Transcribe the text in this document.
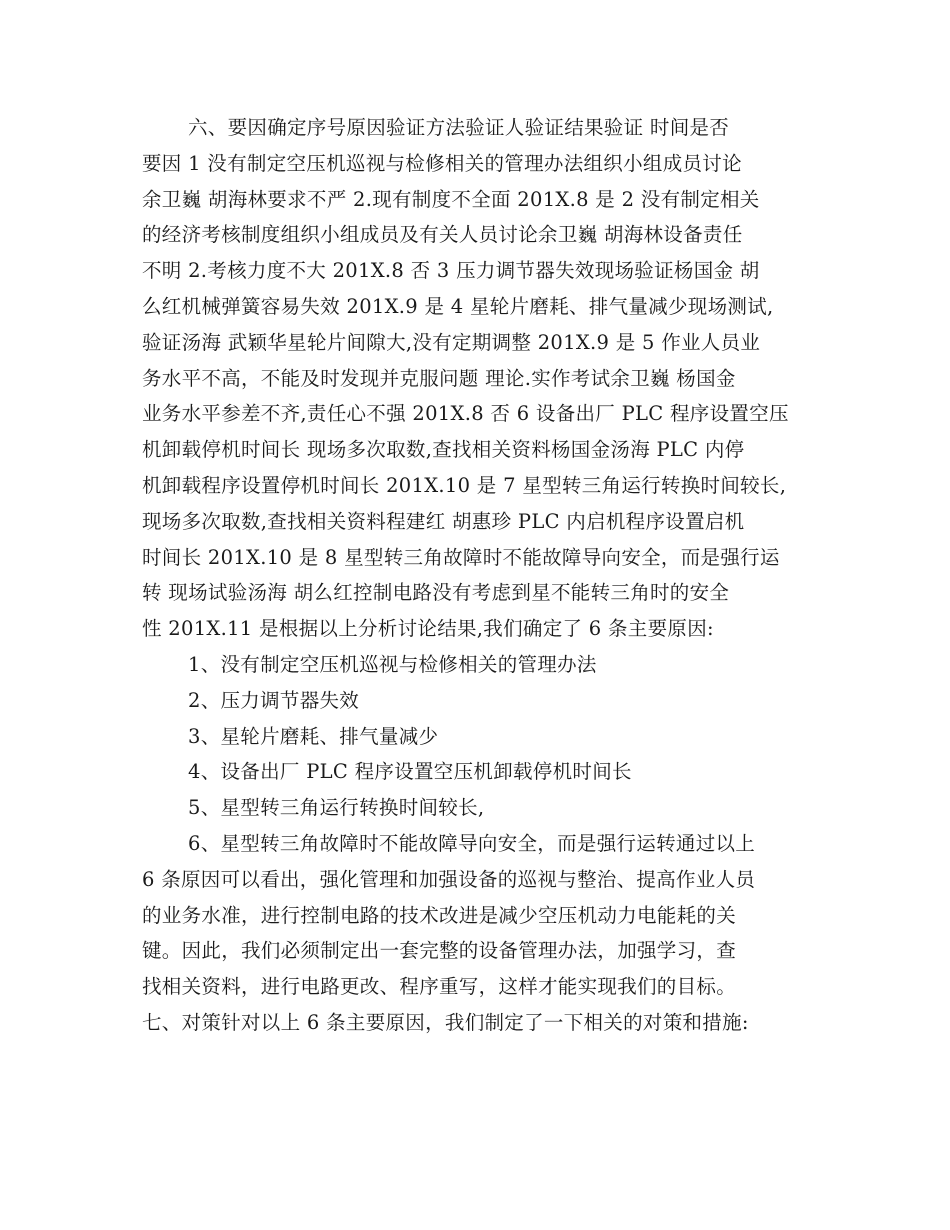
六、要因确定序号原因验证方法验证人验证结果验证 时间是否
要因 1 没有制定空压机巡视与检修相关的管理办法组织小组成员讨论
余卫巍 胡海林要求不严 2.现有制度不全面 201X.8 是 2 没有制定相关
的经济考核制度组织小组成员及有关人员讨论余卫巍 胡海林设备责任
不明 2.考核力度不大 201X.8 否 3 压力调节器失效现场验证杨国金 胡
么红机械弹簧容易失效 201X.9 是 4 星轮片磨耗、排气量减少现场测试,
验证汤海 武颖华星轮片间隙大,没有定期调整 201X.9 是 5 作业人员业
务水平不高，不能及时发现并克服问题 理论.实作考试余卫巍 杨国金
业务水平参差不齐,责任心不强 201X.8 否 6 设备出厂 PLC 程序设置空压
机卸载停机时间长 现场多次取数,查找相关资料杨国金汤海 PLC 内停
机卸载程序设置停机时间长 201X.10 是 7 星型转三角运行转换时间较长,
现场多次取数,查找相关资料程建红 胡惠珍 PLC 内启机程序设置启机
时间长 201X.10 是 8 星型转三角故障时不能故障导向安全，而是强行运
转 现场试验汤海 胡么红控制电路没有考虑到星不能转三角时的安全
性 201X.11 是根据以上分析讨论结果,我们确定了 6 条主要原因:
1、没有制定空压机巡视与检修相关的管理办法
2、压力调节器失效
3、星轮片磨耗、排气量减少
4、设备出厂 PLC 程序设置空压机卸载停机时间长
5、星型转三角运行转换时间较长,
6、星型转三角故障时不能故障导向安全，而是强行运转通过以上
6 条原因可以看出，强化管理和加强设备的巡视与整治、提高作业人员
的业务水准，进行控制电路的技术改进是减少空压机动力电能耗的关
键。因此，我们必须制定出一套完整的设备管理办法，加强学习，查
找相关资料，进行电路更改、程序重写，这样才能实现我们的目标。
七、对策针对以上 6 条主要原因，我们制定了一下相关的对策和措施:
